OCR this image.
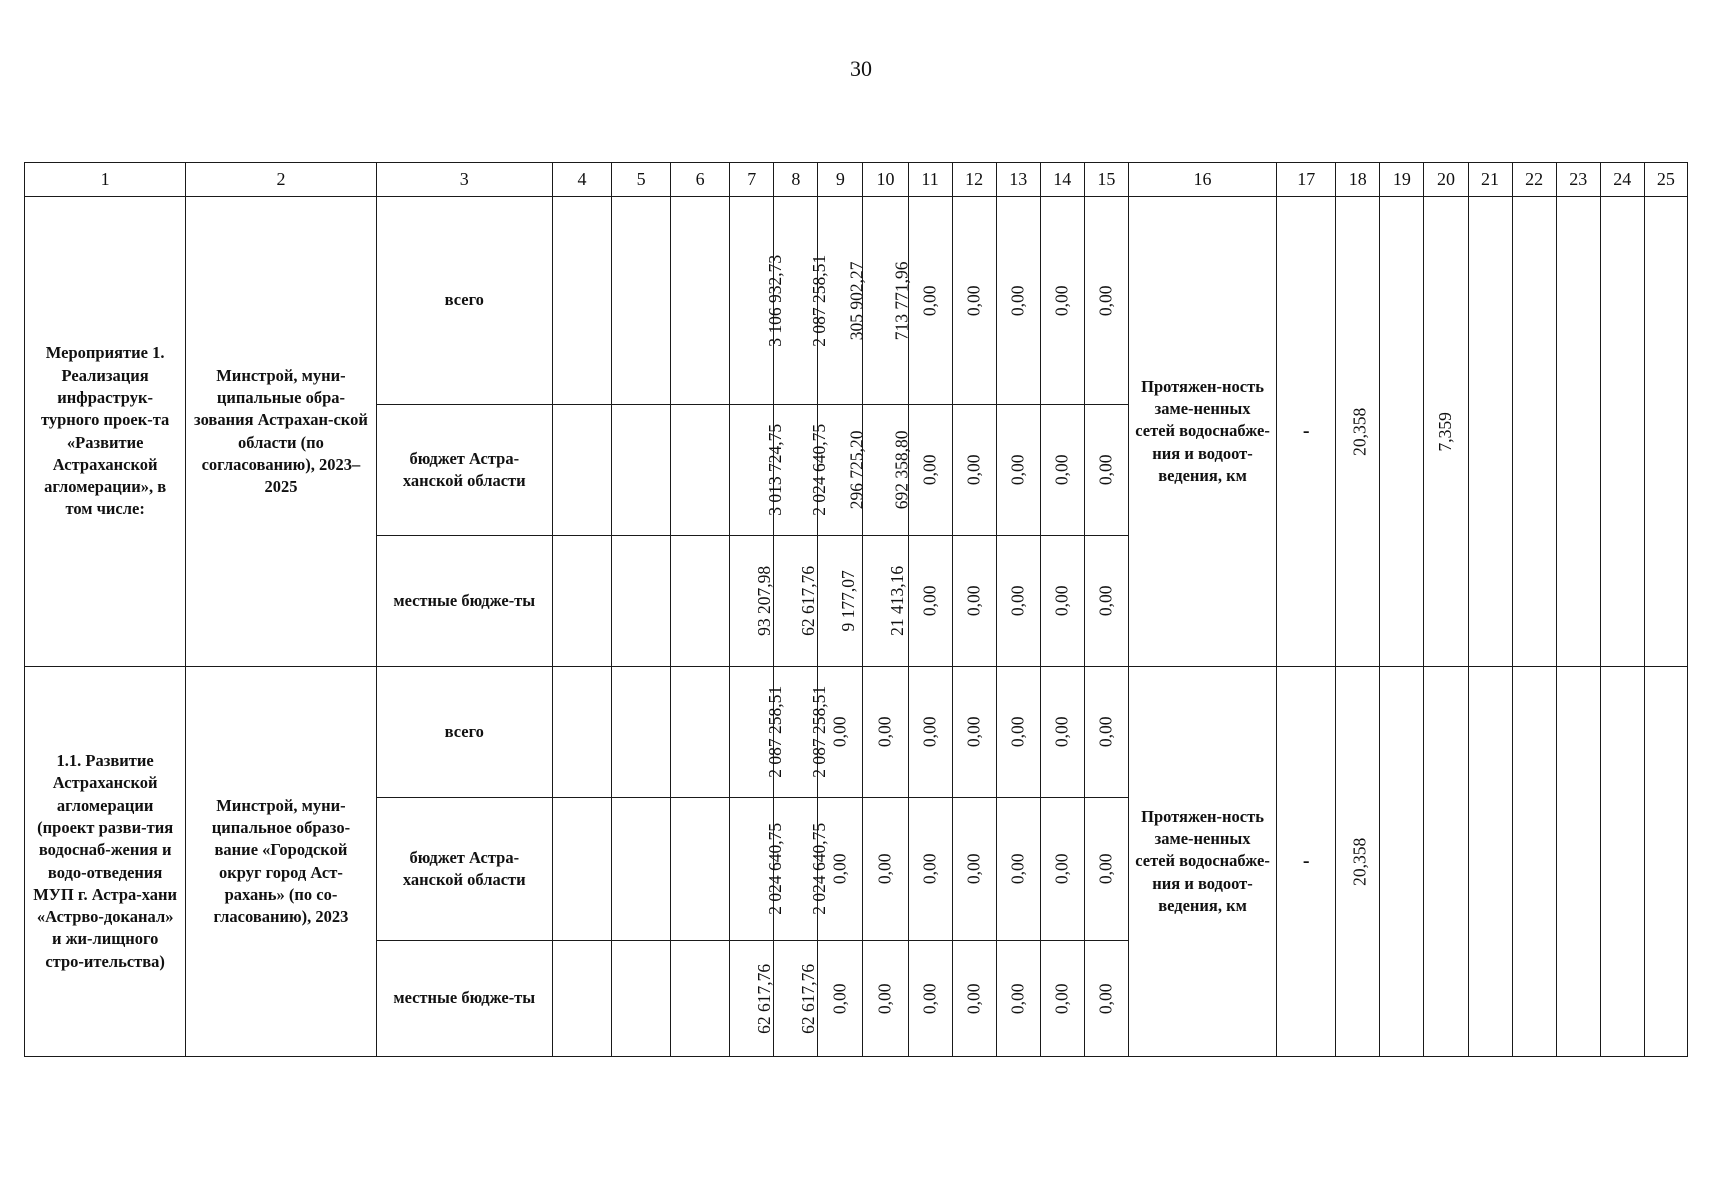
30
1	2	3	4	5	6	7	8	9	10	11	12	13	14	15	16	17	18	19	20	21	22	23	24	25
Мероприятие 1. Реализация инфраструк-турного проек-та «Развитие Астраханской агломерации», в том числе:	Минстрой, муни-ципальные обра-зования Астрахан-ской области (по согласованию), 2023–2025	всего				3 106 932,73	2 087 258,51	305 902,27	713 771,96	0,00	0,00	0,00	0,00	0,00	Протяжен-ность заме-ненных сетей водоснабже-ния и водоот-ведения, км	-	20,358		7,359					
		бюджет Астра-ханской области				3 013 724,75	2 024 640,75	296 725,20	692 358,80	0,00	0,00	0,00	0,00	0,00										
		местные бюдже-ты				93 207,98	62 617,76	9 177,07	21 413,16	0,00	0,00	0,00	0,00	0,00										
1.1. Развитие Астраханской агломерации (проект разви-тия водоснаб-жения и водо-отведения МУП г. Астра-хани «Астрво-доканал» и жи-лищного стро-ительства)	Минстрой, муни-ципальное образо-вание «Городской округ город Аст-рахань» (по со-гласованию), 2023	всего				2 087 258,51	2 087 258,51	0,00	0,00	0,00	0,00	0,00	0,00	0,00	Протяжен-ность заме-ненных сетей водоснабже-ния и водоот-ведения, км	-	20,358							
		бюджет Астра-ханской области				2 024 640,75	2 024 640,75	0,00	0,00	0,00	0,00	0,00	0,00	0,00										
		местные бюдже-ты				62 617,76	62 617,76	0,00	0,00	0,00	0,00	0,00	0,00	0,00										
